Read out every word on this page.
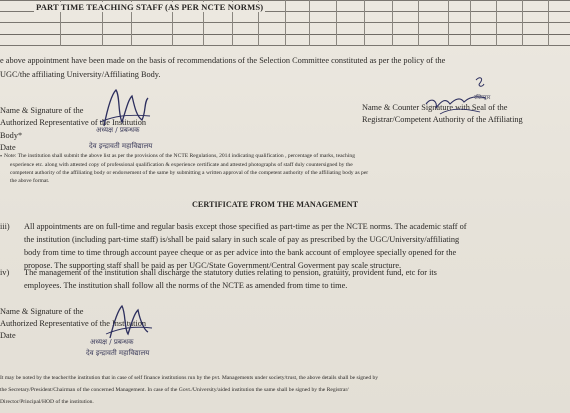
PART TIME TEACHING STAFF (AS PER NCTE NORMS)
e above appointment have been made on the basis of recommendations of the Selection Committee constituted as per the policy of the
UGC/the affiliating University/Affiliating Body.
Name & Signature of the
Authorized Representative of the Institution
Body*
Date
अध्यक्ष / प्रबन्धक
देव इन्द्रावती महाविद्यालय
Name & Counter Signature with Seal of the
Registrar/Competent Authority of the Affiliating
रजिस्ट्रार
Note: The institution shall submit the above list as per the provisions of the NCTE Regulations, 2014 indicating qualification , percentage of marks, teaching
experience etc. along with attested copy of professional qualification & experience certificate and attested photographs of staff duly countersigned by the
competent authority of the affiliating body or endorsement of the same by submitting a written approval of the competent authority of the affiliating body as per
the above format.
•
CERTIFICATE FROM THE MANAGEMENT
iii) All appointments are on full-time and regular basis except those specified as part-time as per the NCTE norms. The academic staff of
the institution (including part-time staff) is/shall be paid salary in such scale of pay as prescribed by the UGC/University/affiliating
body from time to time through account payee cheque or as per advice into the bank account of employee specially opened for the
propose. The supporting staff shall be paid as per UGC/State Government/Central Goverment pay scale structure.
iv) The management of the institution shall discharge the statutory duties relating to pension, gratuity, provident fund, etc for its
employees. The institution shall follow all the norms of the NCTE as amended from time to time.
Name & Signature of the
Authorized Representative of the Institution
Date
अध्यक्ष / प्रबन्धक
देव इन्द्रावती महाविद्यालय
It may be noted by the teacher/the institution that in case of self finance institutions run by the pvt. Managements under society/trust, the above details shall be signed by
the Secretary/President/Chairman of the concerned Management. In case of the Govt./University/aided institution the same shall be signed by the Registrar/
Director/Principal/HOD of the institution.
